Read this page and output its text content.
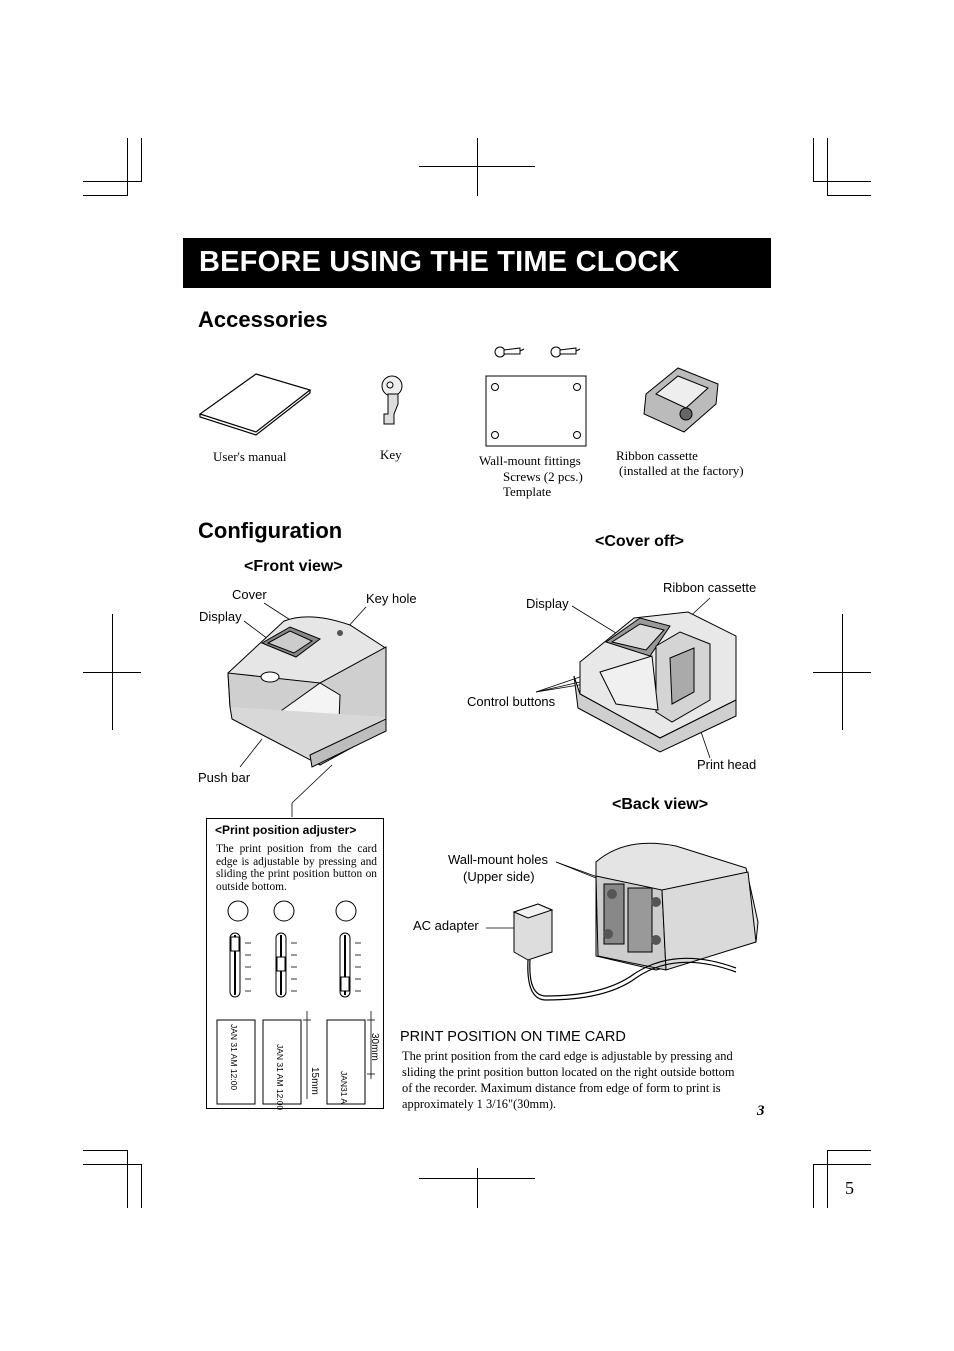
BEFORE USING THE TIME CLOCK
Accessories
User's manual	Key	Wall-mount fittings
Screws (2 pcs.)
Template
Ribbon cassette
(installed at the factory)
Configuration
<Front view>
Cover
Display
Key hole
Push bar
<Cover off>
Display
Ribbon cassette
Control buttons
Print head
<Back view>
Wall-mount holes
(Upper side)
AC adapter
<Print position adjuster>
The print position from the card edge is adjustable by pressing and sliding the print position button on outside bottom.
JAN 31 AM 12:00	JAN 31 AM 12:00	JAN31 A
15mm
30mm PRINT POSITION ON TIME CARD
The print position from the card edge is adjustable by pressing and sliding the print position button located on the right outside bottom of the recorder. Maximum distance from edge of form to print is approximately 1 3/16"(30mm).	3
5
